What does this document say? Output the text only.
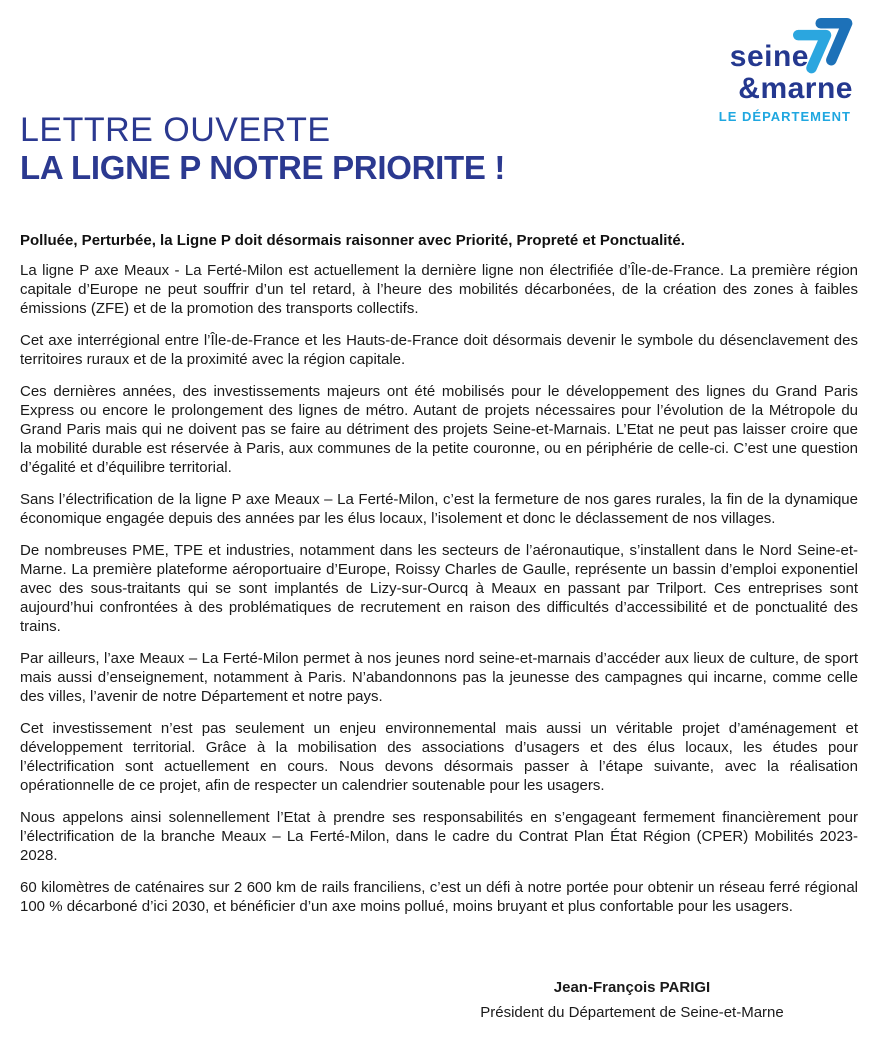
seine
&marne
LE DÉPARTEMENT
LETTRE OUVERTE
LA LIGNE P NOTRE PRIORITE !

Polluée, Perturbée, la Ligne P doit désormais raisonner avec Priorité, Propreté et Ponctualité.

La ligne P axe Meaux - La Ferté-Milon est actuellement la dernière ligne non électrifiée d’Île-de-France. La première région capitale d’Europe ne peut souffrir d’un tel retard, à l’heure des mobilités décarbonées, de la création des zones à faibles émissions (ZFE) et de la promotion des transports collectifs.

Cet axe interrégional entre l’Île-de-France et les Hauts-de-France doit désormais devenir le symbole du désenclavement des territoires ruraux et de la proximité avec la région capitale.

Ces dernières années, des investissements majeurs ont été mobilisés pour le développement des lignes du Grand Paris Express ou encore le prolongement des lignes de métro. Autant de projets nécessaires pour l’évolution de la Métropole du Grand Paris mais qui ne doivent pas se faire au détriment des projets Seine-et-Marnais. L’Etat ne peut pas laisser croire que la mobilité durable est réservée à Paris, aux communes de la petite couronne, ou en périphérie de celle-ci. C’est une question d’égalité et d’équilibre territorial.

Sans l’électrification de la ligne P axe Meaux – La Ferté-Milon, c’est la fermeture de nos gares rurales, la fin de la dynamique économique engagée depuis des années par les élus locaux, l’isolement et donc le déclassement de nos villages.

De nombreuses PME, TPE et industries, notamment dans les secteurs de l’aéronautique, s’installent dans le Nord Seine-et-Marne. La première plateforme aéroportuaire d’Europe, Roissy Charles de Gaulle, représente un bassin d’emploi exponentiel avec des sous-traitants qui se sont implantés de Lizy-sur-Ourcq à Meaux en passant par Trilport. Ces entreprises sont aujourd’hui confrontées à des problématiques de recrutement en raison des difficultés d’accessibilité et de ponctualité des trains.

Par ailleurs, l’axe Meaux – La Ferté-Milon permet à nos jeunes nord seine-et-marnais d’accéder aux lieux de culture, de sport mais aussi d’enseignement, notamment à Paris. N’abandonnons pas la jeunesse des campagnes qui incarne, comme celle des villes, l’avenir de notre Département et notre pays.

Cet investissement n’est pas seulement un enjeu environnemental mais aussi un véritable projet d’aménagement et développement territorial. Grâce à la mobilisation des associations d’usagers et des élus locaux, les études pour l’électrification sont actuellement en cours. Nous devons désormais passer à l’étape suivante, avec la réalisation opérationnelle de ce projet, afin de respecter un calendrier soutenable pour les usagers.

Nous appelons ainsi solennellement l’Etat à prendre ses responsabilités en s’engageant fermement financièrement pour l’électrification de la branche Meaux – La Ferté-Milon, dans le cadre du Contrat Plan État Région (CPER) Mobilités 2023-2028.

60 kilomètres de caténaires sur 2 600 km de rails franciliens, c’est un défi à notre portée pour obtenir un réseau ferré régional 100 % décarboné d’ici 2030, et bénéficier d’un axe moins pollué, moins bruyant et plus confortable pour les usagers.

Jean-François PARIGI
Président du Département de Seine-et-Marne
